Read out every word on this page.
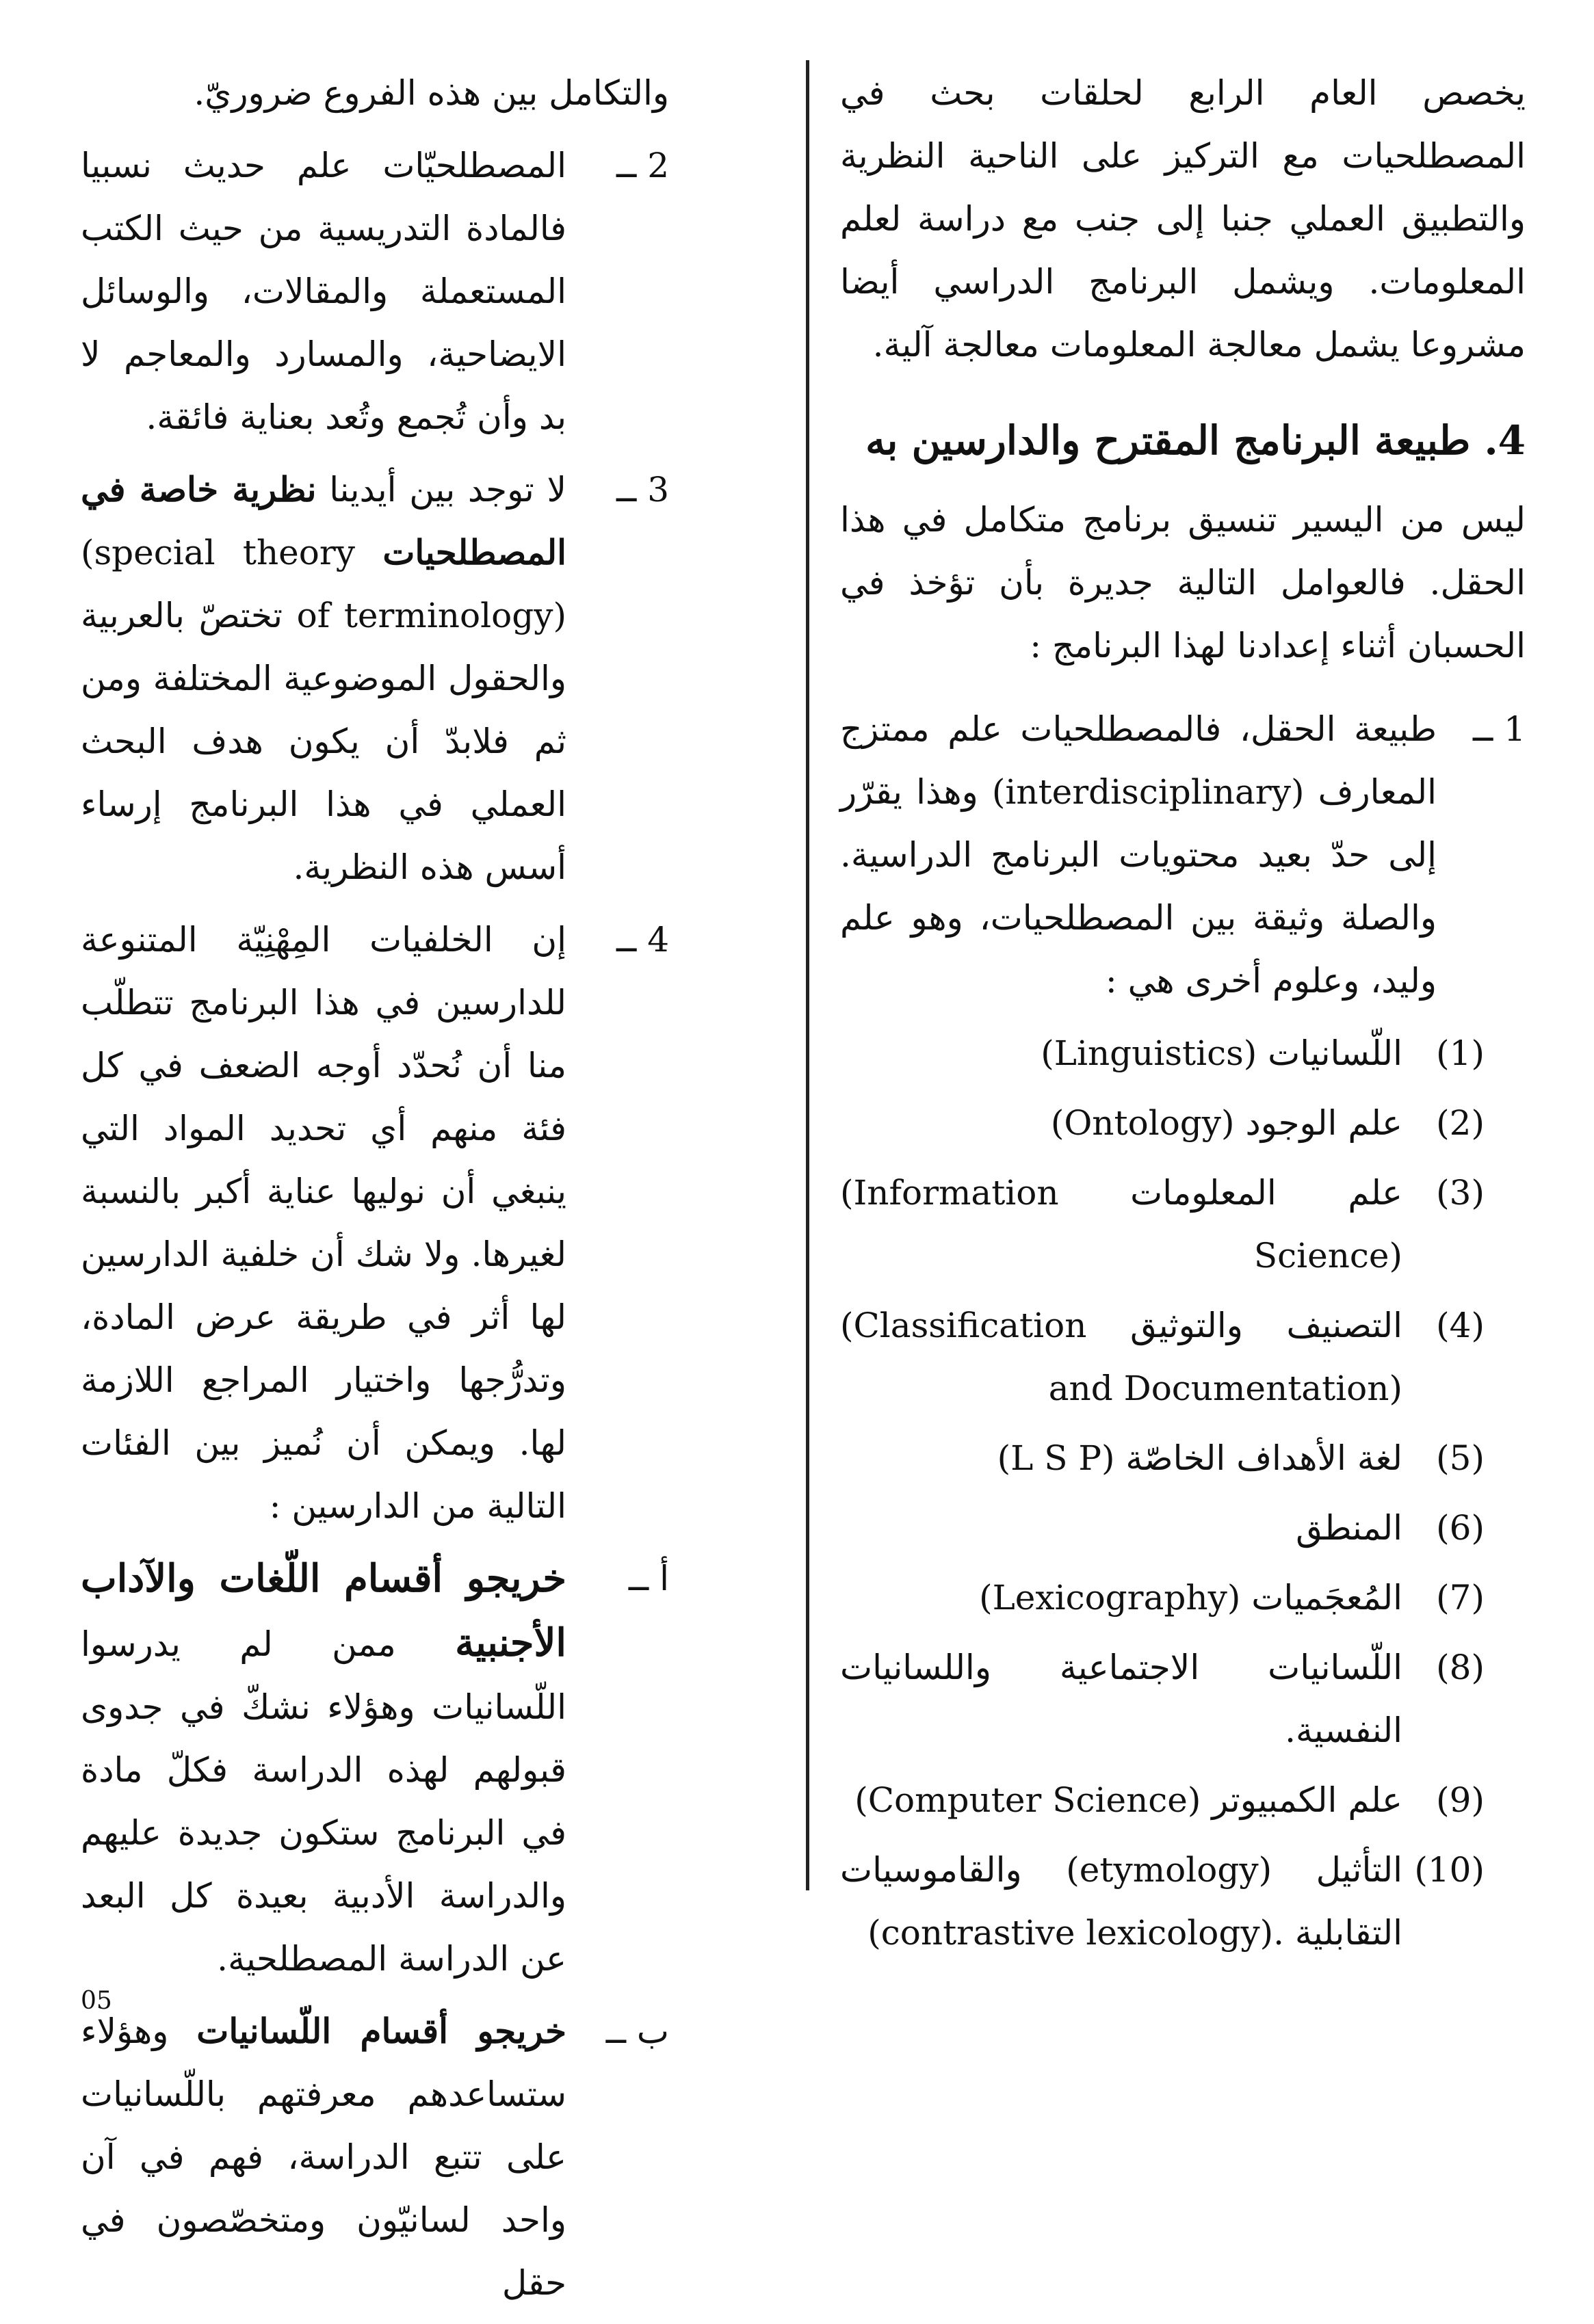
يخصص العام الرابع لحلقات بحث في المصطلحيات مع التركيز على الناحية النظرية والتطبيق العملي جنبا إلى جنب مع دراسة لعلم المعلومات. ويشمل البرنامج الدراسي أيضا مشروعا يشمل معالجة المعلومات معالجة آلية.

4. طبيعة البرنامج المقترح والدارسين به

ليس من اليسير تنسيق برنامج متكامل في هذا الحقل. فالعوامل التالية جديرة بأن تؤخذ في الحسبان أثناء إعدادنا لهذا البرنامج :

1 ــ
طبيعة الحقل، فالمصطلحيات علم ممتزج المعارف (interdisciplinary) وهذا يقرّر إلى حدّ بعيد محتويات البرنامج الدراسية. والصلة وثيقة بين المصطلحيات، وهو علم وليد، وعلوم أخرى هي :
(1)
اللّسانيات (Linguistics)
(2)
علم الوجود (Ontology)
(3)
علم المعلومات (Information Science)
(4)
التصنيف والتوثيق (Classification and Documentation)
(5)
لغة الأهداف الخاصّة (L S P)
(6)
المنطق
(7)
المُعجَميات (Lexicography)
(8)
اللّسانيات الاجتماعية واللسانيات النفسية.
(9)
علم الكمبيوتر (Computer Science)
(10)
التأثيل (etymology) والقاموسيات التقابلية (contrastive lexicology).

والتكامل بين هذه الفروع ضروريّ.

2 ــ
المصطلحيّات علم حديث نسبيا فالمادة التدريسية من حيث الكتب المستعملة والمقالات، والوسائل الايضاحية، والمسارد والمعاجم لا بد وأن تُجمع وتُعد بعناية فائقة.
3 ــ
لا توجد بين أيدينا نظرية خاصة في المصطلحيات (special theory of terminology) تختصّ بالعربية والحقول الموضوعية المختلفة ومن ثم فلابدّ أن يكون هدف البحث العملي في هذا البرنامج إرساء أسس هذه النظرية.
4 ــ
إن الخلفيات المِهْنِيّة المتنوعة للدارسين في هذا البرنامج تتطلّب منا أن نُحدّد أوجه الضعف في كل فئة منهم أي تحديد المواد التي ينبغي أن نوليها عناية أكبر بالنسبة لغيرها. ولا شك أن خلفية الدارسين لها أثر في طريقة عرض المادة، وتدرُّجها واختيار المراجع اللازمة لها. ويمكن أن نُميز بين الفئات التالية من الدارسين :
أ ــ
خريجو أقسام اللّغات والآداب الأجنبية ممن لم يدرسوا اللّسانيات وهؤلاء نشكّ في جدوى قبولهم لهذه الدراسة فكلّ مادة في البرنامج ستكون جديدة عليهم والدراسة الأدبية بعيدة كل البعد عن الدراسة المصطلحية.
ب ــ
خريجو أقسام اللّسانيات وهؤلاء ستساعدهم معرفتهم باللّسانيات على تتبع الدراسة، فهم في آن واحد لسانيّون ومتخصّصون في حقل
05
